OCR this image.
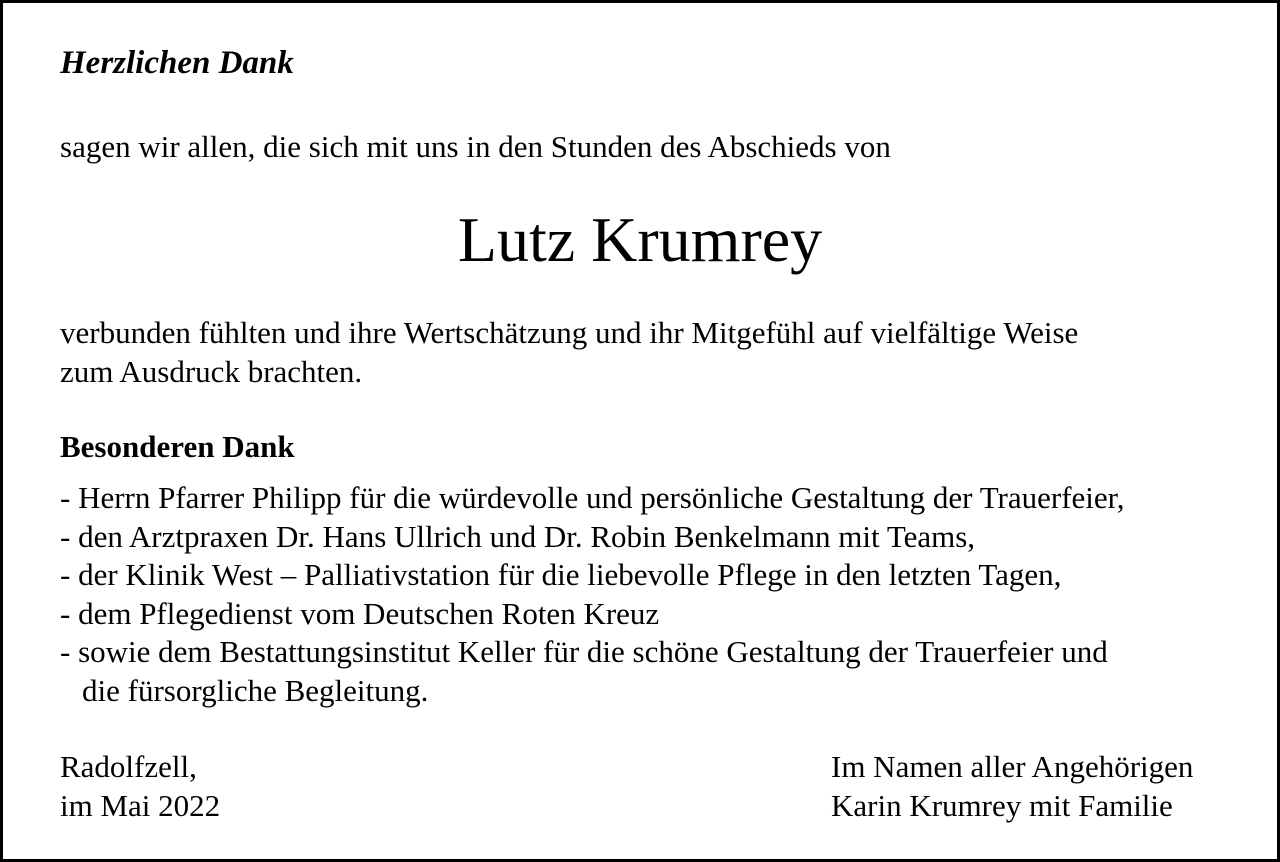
Herzlichen Dank
sagen wir allen, die sich mit uns in den Stunden des Abschieds von
Lutz Krumrey
verbunden fühlten und ihre Wertschätzung und ihr Mitgefühl auf vielfältige Weise
zum Ausdruck brachten.
Besonderen Dank
- Herrn Pfarrer Philipp für die würdevolle und persönliche Gestaltung der Trauerfeier,
- den Arztpraxen Dr. Hans Ullrich und Dr. Robin Benkelmann mit Teams,
- der Klinik West – Palliativstation für die liebevolle Pflege in den letzten Tagen,
- dem Pflegedienst vom Deutschen Roten Kreuz
- sowie dem Bestattungsinstitut Keller für die schöne Gestaltung der Trauerfeier und
die fürsorgliche Begleitung.
Radolfzell,
im Mai 2022
Im Namen aller Angehörigen
Karin Krumrey mit Familie
